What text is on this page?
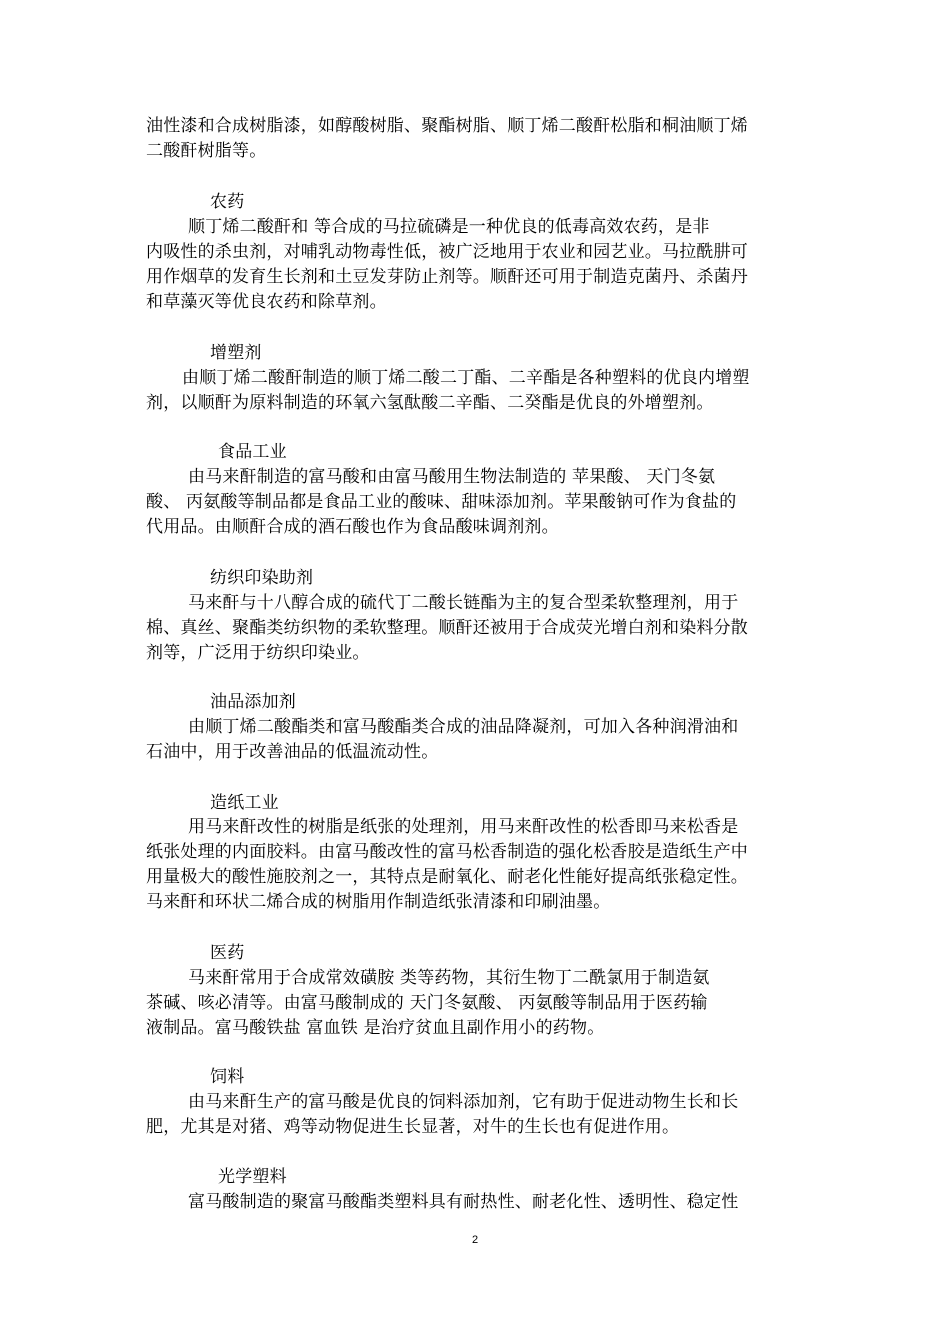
油性漆和合成树脂漆，如醇酸树脂、聚酯树脂、顺丁烯二酸酐松脂和桐油顺丁烯
二酸酐树脂等。
农药
顺丁烯二酸酐和 等合成的马拉硫磷是一种优良的低毒高效农药，是非
内吸性的杀虫剂，对哺乳动物毒性低，被广泛地用于农业和园艺业。马拉酰肼可
用作烟草的发育生长剂和土豆发芽防止剂等。顺酐还可用于制造克菌丹、杀菌丹
和草藻灭等优良农药和除草剂。
增塑剂
由顺丁烯二酸酐制造的顺丁烯二酸二丁酯、二辛酯是各种塑料的优良内增塑
剂，以顺酐为原料制造的环氧六氢酞酸二辛酯、二癸酯是优良的外增塑剂。
食品工业
由马来酐制造的富马酸和由富马酸用生物法制造的 苹果酸、 天门冬氨
酸、 丙氨酸等制品都是食品工业的酸味、甜味添加剂。苹果酸钠可作为食盐的
代用品。由顺酐合成的酒石酸也作为食品酸味调剂剂。
纺织印染助剂
马来酐与十八醇合成的硫代丁二酸长链酯为主的复合型柔软整理剂，用于
棉、真丝、聚酯类纺织物的柔软整理。顺酐还被用于合成荧光增白剂和染料分散
剂等，广泛用于纺织印染业。
油品添加剂
由顺丁烯二酸酯类和富马酸酯类合成的油品降凝剂，可加入各种润滑油和
石油中，用于改善油品的低温流动性。
造纸工业
用马来酐改性的树脂是纸张的处理剂，用马来酐改性的松香即马来松香是
纸张处理的内面胶料。由富马酸改性的富马松香制造的强化松香胶是造纸生产中
用量极大的酸性施胶剂之一，其特点是耐氧化、耐老化性能好提高纸张稳定性。
马来酐和环状二烯合成的树脂用作制造纸张清漆和印刷油墨。
医药
马来酐常用于合成常效磺胺 类等药物，其衍生物丁二酰氯用于制造氨
茶碱、咳必清等。由富马酸制成的 天门冬氨酸、 丙氨酸等制品用于医药输
液制品。富马酸铁盐 富血铁 是治疗贫血且副作用小的药物。
饲料
由马来酐生产的富马酸是优良的饲料添加剂，它有助于促进动物生长和长
肥，尤其是对猪、鸡等动物促进生长显著，对牛的生长也有促进作用。
光学塑料
富马酸制造的聚富马酸酯类塑料具有耐热性、耐老化性、透明性、稳定性
2
